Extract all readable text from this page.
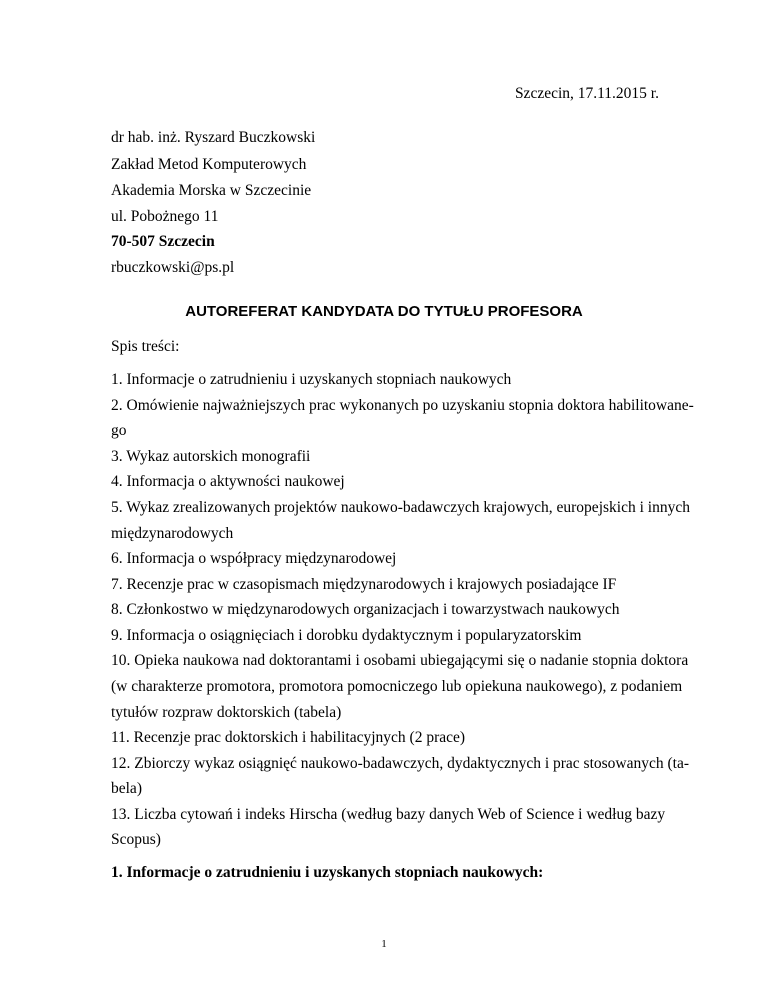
Szczecin, 17.11.2015 r.
dr hab. inż. Ryszard Buczkowski
Zakład Metod Komputerowych
Akademia Morska w Szczecinie
ul. Pobożnego 11
70-507 Szczecin
rbuczkowski@ps.pl
AUTOREFERAT KANDYDATA DO TYTUŁU PROFESORA
Spis treści:
1. Informacje o zatrudnieniu i uzyskanych stopniach naukowych
2. Omówienie najważniejszych prac wykonanych po uzyskaniu stopnia doktora habilitowane-
go
3. Wykaz autorskich monografii
4. Informacja o aktywności naukowej
5. Wykaz zrealizowanych projektów naukowo-badawczych krajowych, europejskich i innych
międzynarodowych
6. Informacja o współpracy międzynarodowej
7. Recenzje prac w czasopismach międzynarodowych i krajowych posiadające IF
8. Członkostwo w międzynarodowych organizacjach i towarzystwach naukowych
9. Informacja o osiągnięciach i dorobku dydaktycznym i popularyzatorskim
10. Opieka naukowa nad doktorantami i osobami ubiegającymi się o nadanie stopnia doktora
(w charakterze promotora, promotora pomocniczego lub opiekuna naukowego), z podaniem
tytułów rozpraw doktorskich (tabela)
11. Recenzje prac doktorskich i habilitacyjnych (2 prace)
12. Zbiorczy wykaz osiągnięć naukowo-badawczych, dydaktycznych i prac stosowanych (ta-
bela)
13. Liczba cytowań i indeks Hirscha (według bazy danych Web of Science i według bazy
Scopus)
1. Informacje o zatrudnieniu i uzyskanych stopniach naukowych:
1
